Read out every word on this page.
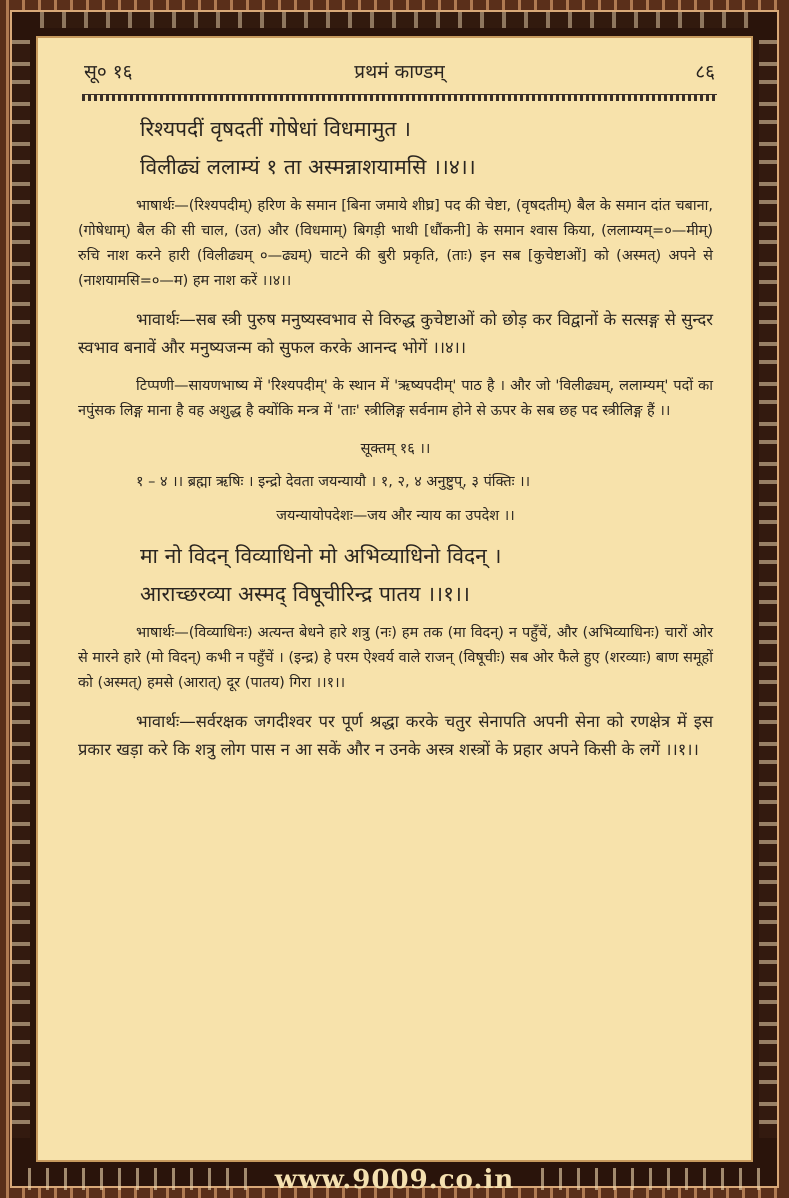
सू० १६	प्रथमं काण्डम्	८६

रिश्यपदीं वृषदतीं गोषेधां विधमामुत ।

विलीढ्यं ललाम्यं १ ता अस्मन्नाशयामसि ।।४।।

भाषार्थः—(रिश्यपदीम्) हरिण के समान [बिना जमाये शीघ्र] पद की चेष्टा, (वृषदतीम्) बैल के समान दांत चबाना, (गोषेधाम्) बैल की सी चाल, (उत) और (विधमाम्) बिगड़ी भाथी [धौंकनी] के समान श्वास किया, (ललाम्यम्=०—मीम्) रुचि नाश करने हारी (विलीढ्यम् ०—ढ्यम्) चाटने की बुरी प्रकृति, (ताः) इन सब [कुचेष्टाओं] को (अस्मत्) अपने से (नाशयामसि=०—म) हम नाश करें ।।४।।

भावार्थः—सब स्त्री पुरुष मनुष्यस्वभाव से विरुद्ध कुचेष्टाओं को छोड़ कर विद्वानों के सत्सङ्ग से सुन्दर स्वभाव बनावें और मनुष्यजन्म को सुफल करके आनन्द भोगें ।।४।।

टिप्पणी—सायणभाष्य में 'रिश्यपदीम्' के स्थान में 'ऋष्यपदीम्' पाठ है । और जो 'विलीढ्यम्, ललाम्यम्' पदों का नपुंसक लिङ्ग माना है वह अशुद्ध है क्योंकि मन्त्र में 'ताः' स्त्रीलिङ्ग सर्वनाम होने से ऊपर के सब छह पद स्त्रीलिङ्ग हैं ।।

सूक्तम् १६ ।।

१ – ४ ।। ब्रह्मा ऋषिः । इन्द्रो देवता जयन्यायौ । १, २, ४ अनुष्टुप्, ३ पंक्तिः ।।

जयन्यायोपदेशः—जय और न्याय का उपदेश ।।

मा नो विदन् विव्याधिनो मो अभिव्याधिनो विदन् ।

आराच्छरव्या अस्मद् विषूचीरिन्द्र पातय ।।१।।

भाषार्थः—(विव्याधिनः) अत्यन्त बेधने हारे शत्रु (नः) हम तक (मा विदन्) न पहुँचें, और (अभिव्याधिनः) चारों ओर से मारने हारे (मो विदन्) कभी न पहुँचें । (इन्द्र) हे परम ऐश्वर्य वाले राजन् (विषूचीः) सब ओर फैले हुए (शरव्याः) बाण समूहों को (अस्मत्) हमसे (आरात्) दूर (पातय) गिरा ।।१।।

भावार्थः—सर्वरक्षक जगदीश्वर पर पूर्ण श्रद्धा करके चतुर सेनापति अपनी सेना को रणक्षेत्र में इस प्रकार खड़ा करे कि शत्रु लोग पास न आ सकें और न उनके अस्त्र शस्त्रों के प्रहार अपने किसी के लगें ।।१।।

www.9009.co.in
